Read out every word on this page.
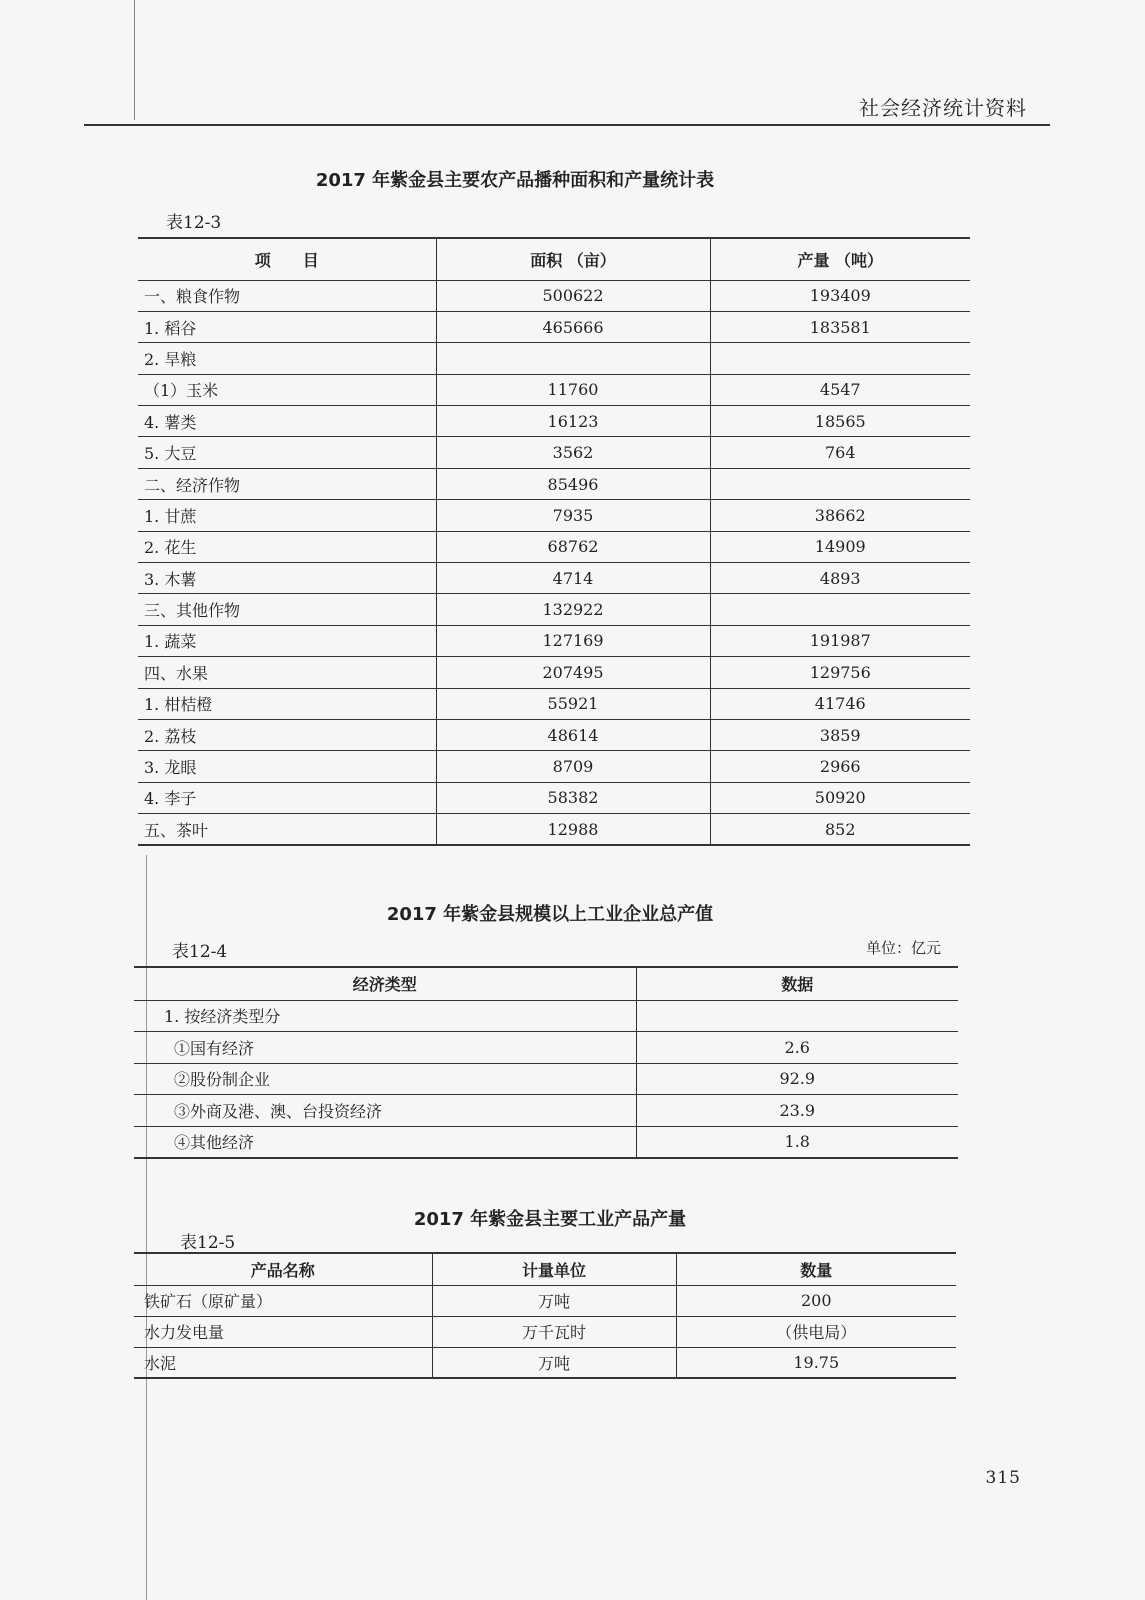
社会经济统计资料
2017 年紫金县主要农产品播种面积和产量统计表
表12-3
项　　目	面积 （亩）	产量 （吨）
一、粮食作物	500622	193409
1. 稻谷	465666	183581
2. 旱粮		
（1）玉米	11760	4547
4. 薯类	16123	18565
5. 大豆	3562	764
二、经济作物	85496	
1. 甘蔗	7935	38662
2. 花生	68762	14909
3. 木薯	4714	4893
三、其他作物	132922	
1. 蔬菜	127169	191987
四、水果	207495	129756
1. 柑桔橙	55921	41746
2. 荔枝	48614	3859
3. 龙眼	8709	2966
4. 李子	58382	50920
五、茶叶	12988	852
2017 年紫金县规模以上工业企业总产值
表12-4	单位：亿元
经济类型	数据
1. 按经济类型分	
①国有经济	2.6
②股份制企业	92.9
③外商及港、澳、台投资经济	23.9
④其他经济	1.8
2017 年紫金县主要工业产品产量
表12-5
产品名称	计量单位	数量
铁矿石（原矿量）	万吨	200
水力发电量	万千瓦时	（供电局）
水泥	万吨	19.75
315
